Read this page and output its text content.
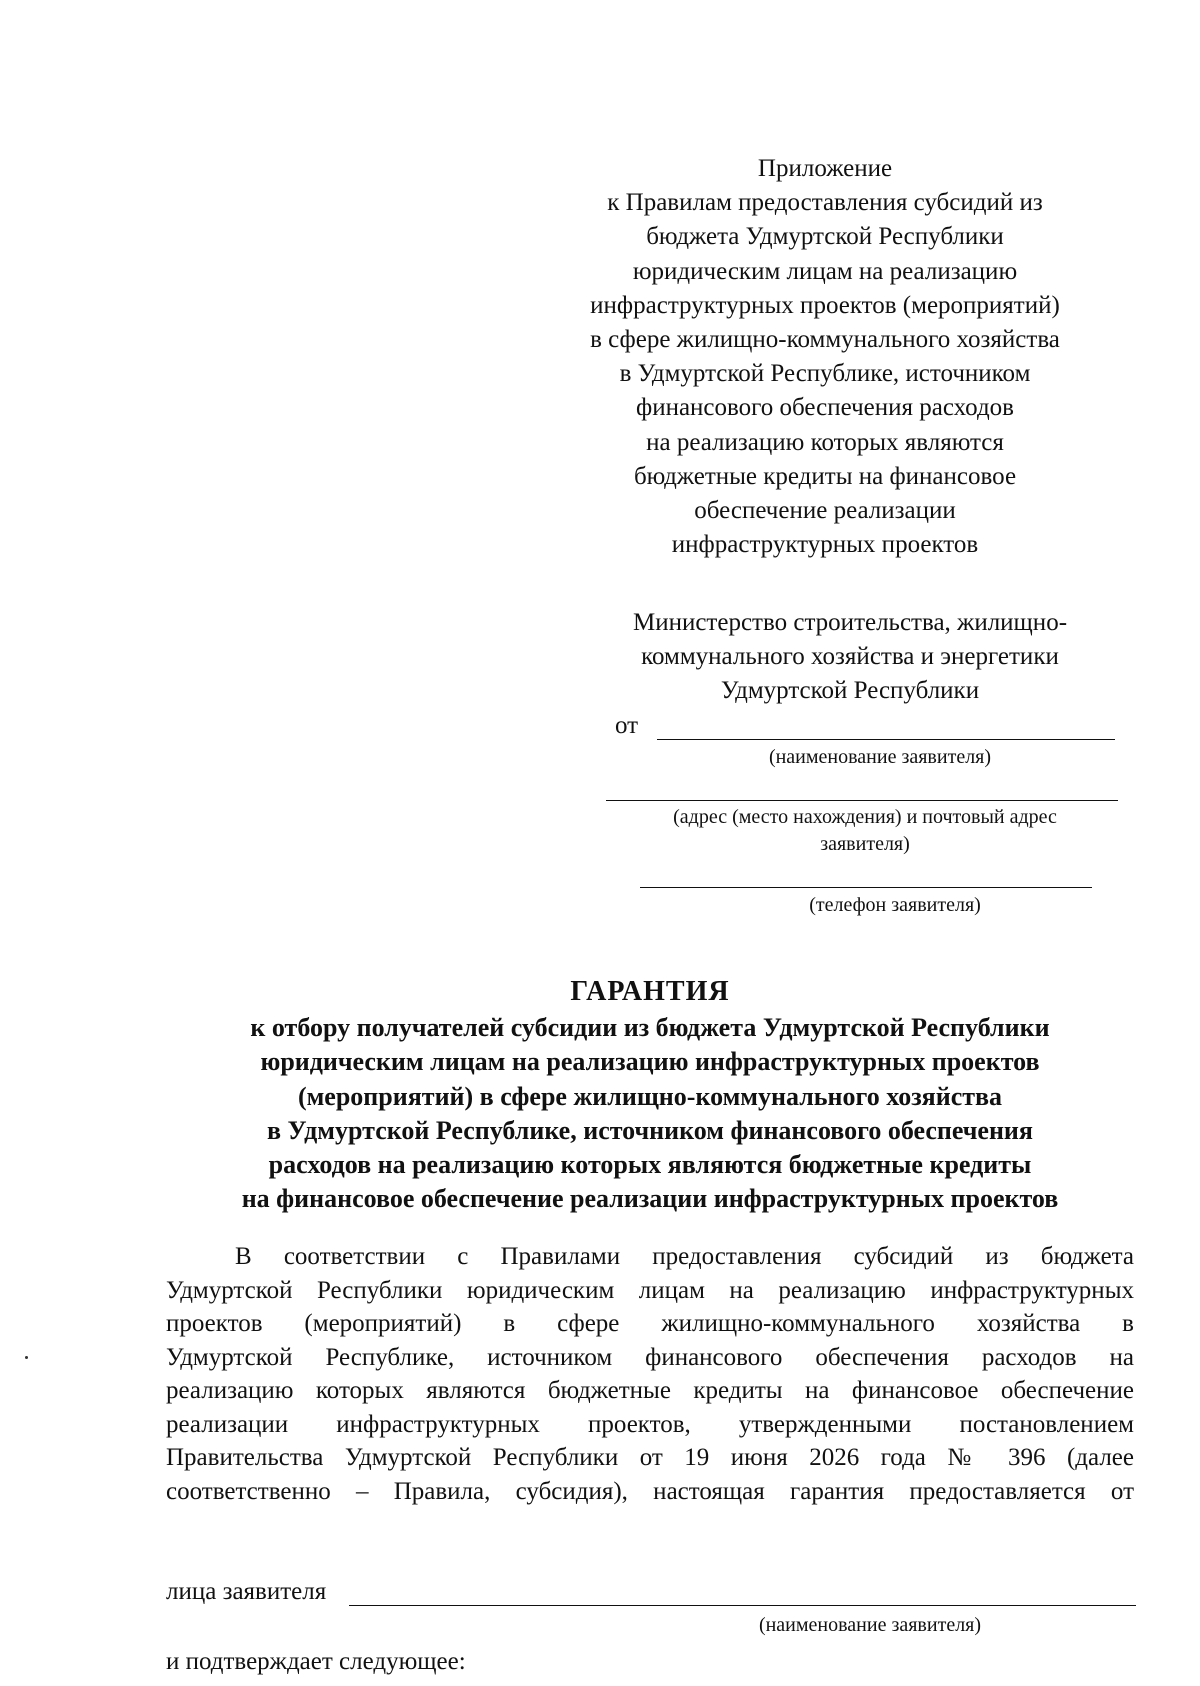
Приложение
к Правилам предоставления субсидий из
бюджета Удмуртской Республики
юридическим лицам на реализацию
инфраструктурных проектов (мероприятий)
в сфере жилищно-коммунального хозяйства
в Удмуртской Республике, источником
финансового обеспечения расходов
на реализацию которых являются
бюджетные кредиты на финансовое
обеспечение реализации
инфраструктурных проектов
Министерство строительства, жилищно-
коммунального хозяйства и энергетики
Удмуртской Республики
от
(наименование заявителя)
(адрес (место нахождения) и почтовый адрес
заявителя)
(телефон заявителя)
ГАРАНТИЯ
к отбору получателей субсидии из бюджета Удмуртской Республики
юридическим лицам на реализацию инфраструктурных проектов
(мероприятий) в сфере жилищно-коммунального хозяйства
в Удмуртской Республике, источником финансового обеспечения
расходов на реализацию которых являются бюджетные кредиты
на финансовое обеспечение реализации инфраструктурных проектов
В соответствии с Правилами предоставления субсидий из бюджета
Удмуртской Республики юридическим лицам на реализацию инфраструктурных
проектов (мероприятий) в сфере жилищно-коммунального хозяйства в
Удмуртской Республике, источником финансового обеспечения расходов на
реализацию которых являются бюджетные кредиты на финансовое обеспечение
реализации инфраструктурных проектов, утвержденными постановлением
Правительства Удмуртской Республики от 19 июня 2026 года № 396 (далее
соответственно – Правила, субсидия), настоящая гарантия предоставляется от
лица заявителя
(наименование заявителя)
и подтверждает следующее:
